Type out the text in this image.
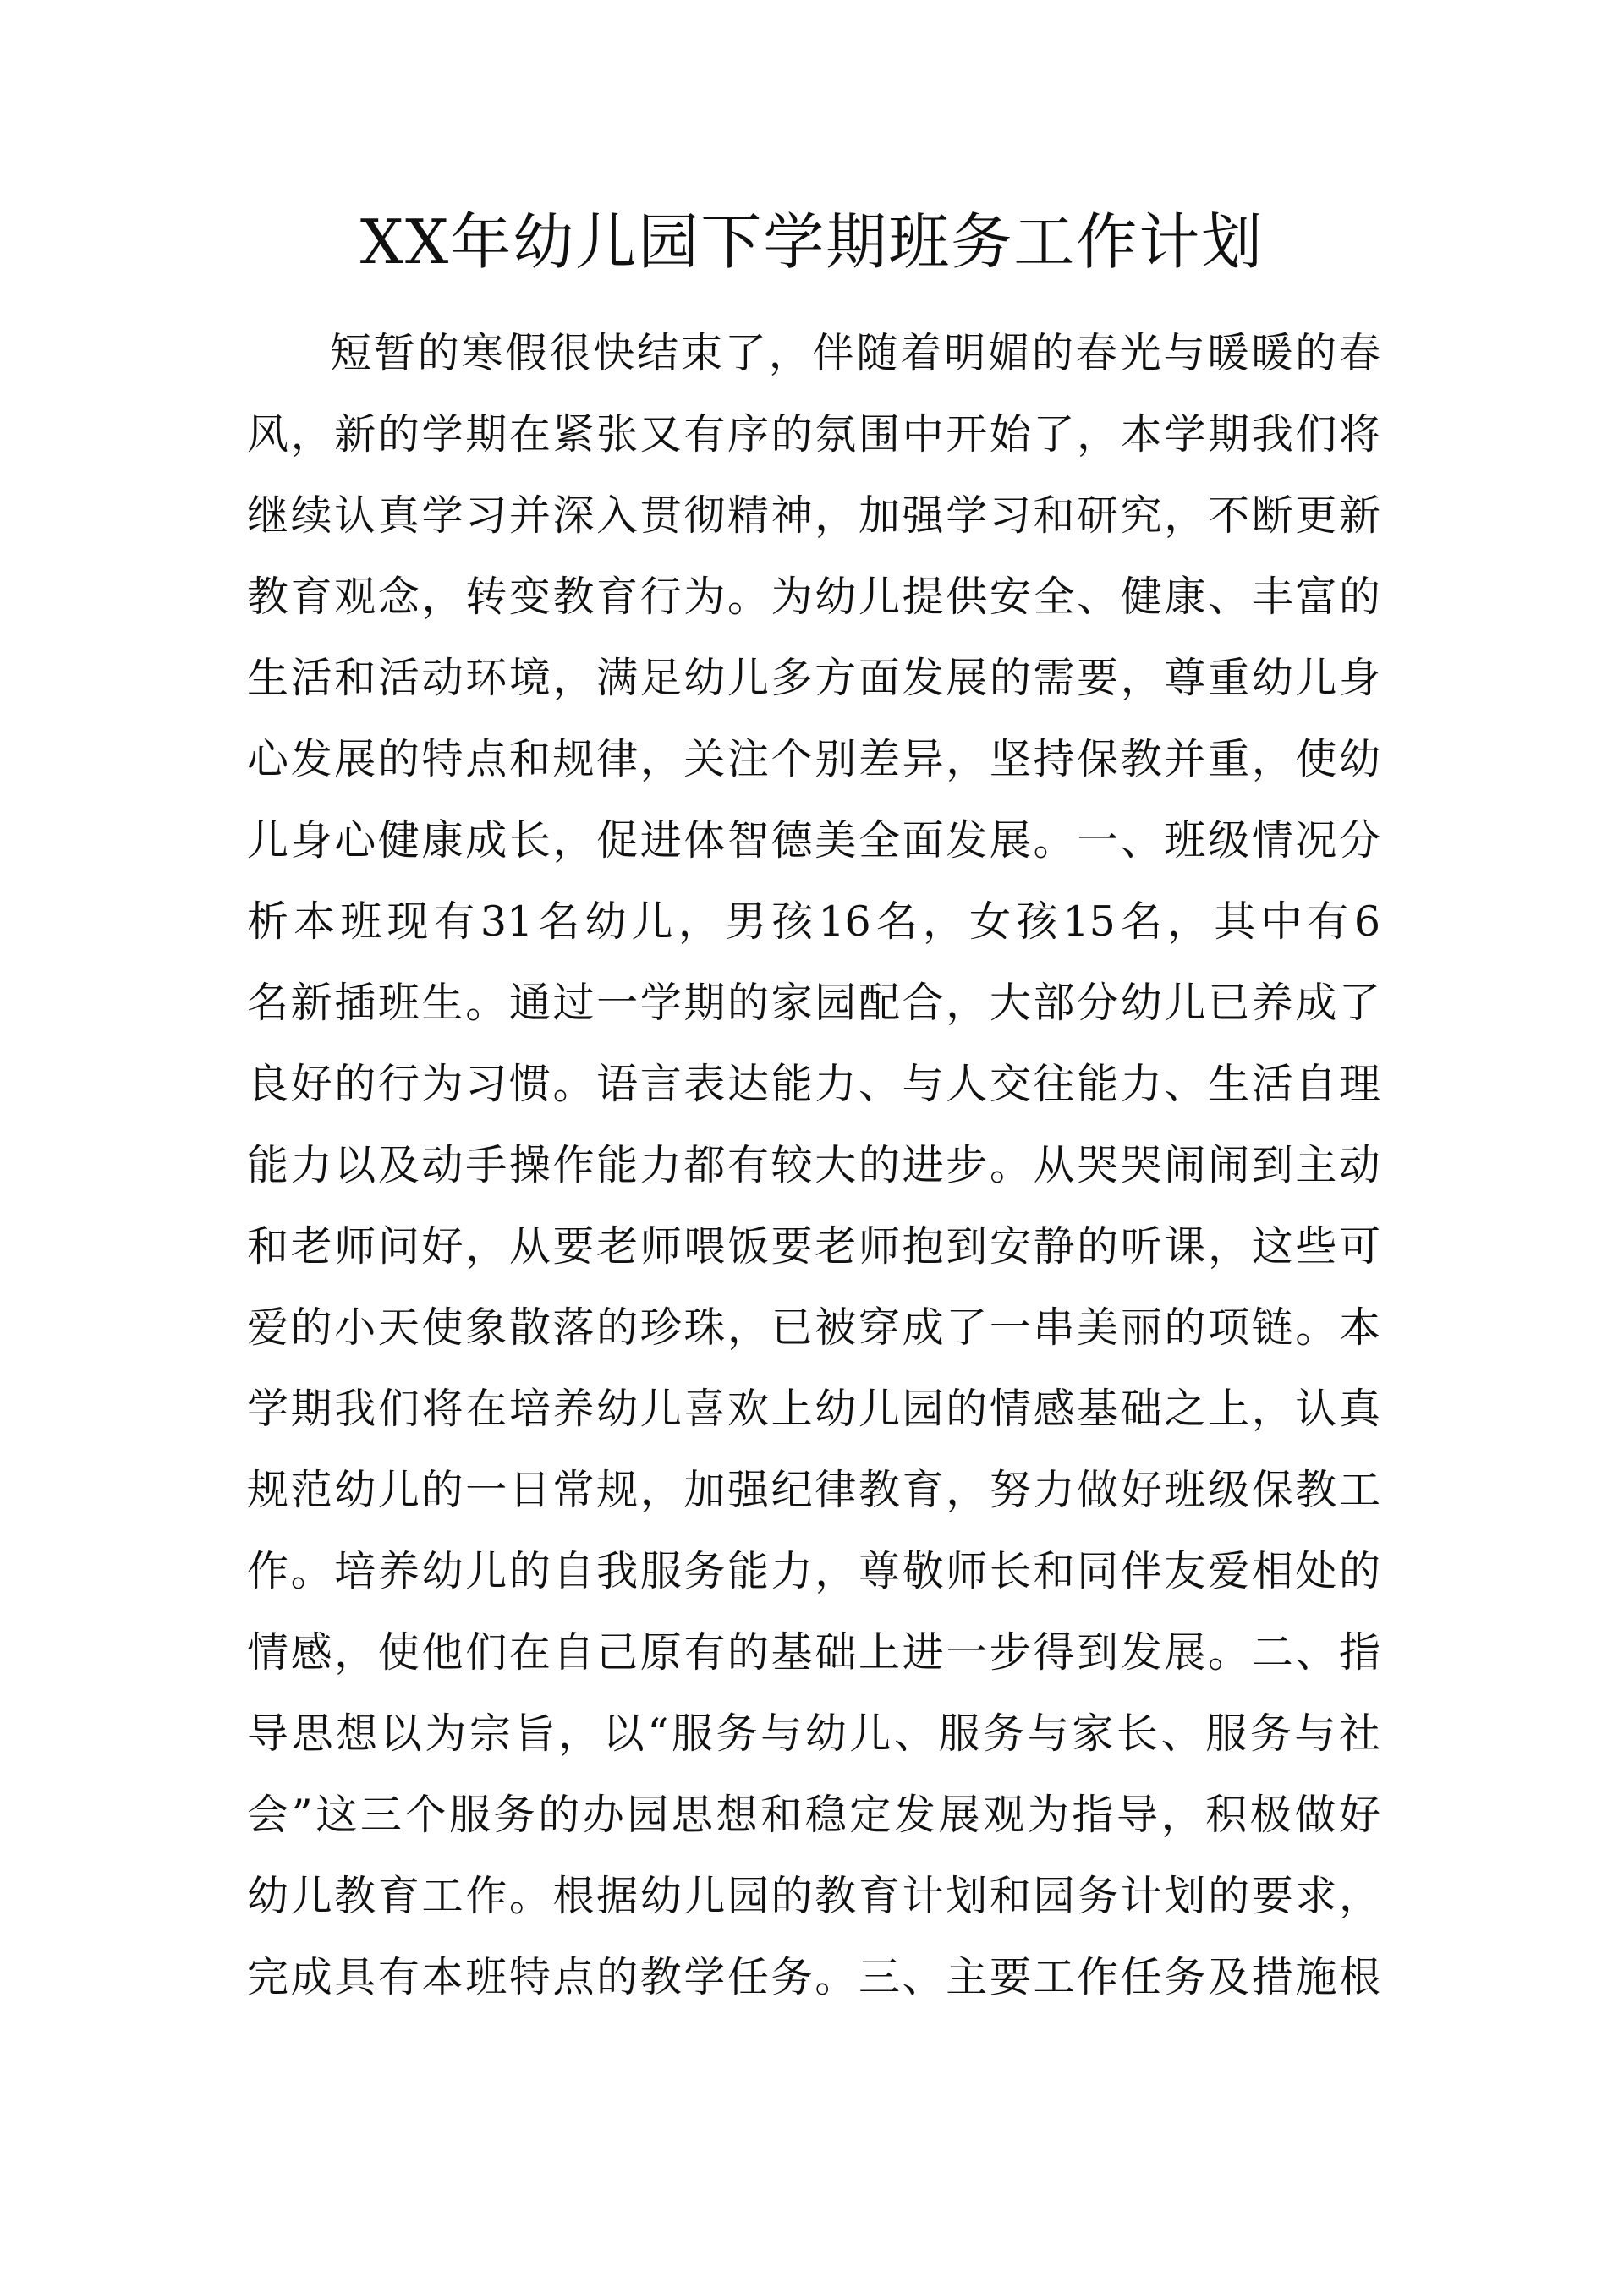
XX年幼儿园下学期班务工作计划
短暂的寒假很快结束了，伴随着明媚的春光与暖暖的春
风，新的学期在紧张又有序的氛围中开始了，本学期我们将
继续认真学习并深入贯彻精神，加强学习和研究，不断更新
教育观念，转变教育行为。为幼儿提供安全、健康、丰富的
生活和活动环境，满足幼儿多方面发展的需要，尊重幼儿身
心发展的特点和规律，关注个别差异，坚持保教并重，使幼
儿身心健康成长，促进体智德美全面发展。一、班级情况分
析本班现有31名幼儿，男孩16名，女孩15名，其中有6
名新插班生。通过一学期的家园配合，大部分幼儿已养成了
良好的行为习惯。语言表达能力、与人交往能力、生活自理
能力以及动手操作能力都有较大的进步。从哭哭闹闹到主动
和老师问好，从要老师喂饭要老师抱到安静的听课，这些可
爱的小天使象散落的珍珠，已被穿成了一串美丽的项链。本
学期我们将在培养幼儿喜欢上幼儿园的情感基础之上，认真
规范幼儿的一日常规，加强纪律教育，努力做好班级保教工
作。培养幼儿的自我服务能力，尊敬师长和同伴友爱相处的
情感，使他们在自己原有的基础上进一步得到发展。二、指
导思想以为宗旨，以“服务与幼儿、服务与家长、服务与社
会”这三个服务的办园思想和稳定发展观为指导，积极做好
幼儿教育工作。根据幼儿园的教育计划和园务计划的要求，
完成具有本班特点的教学任务。三、主要工作任务及措施根
